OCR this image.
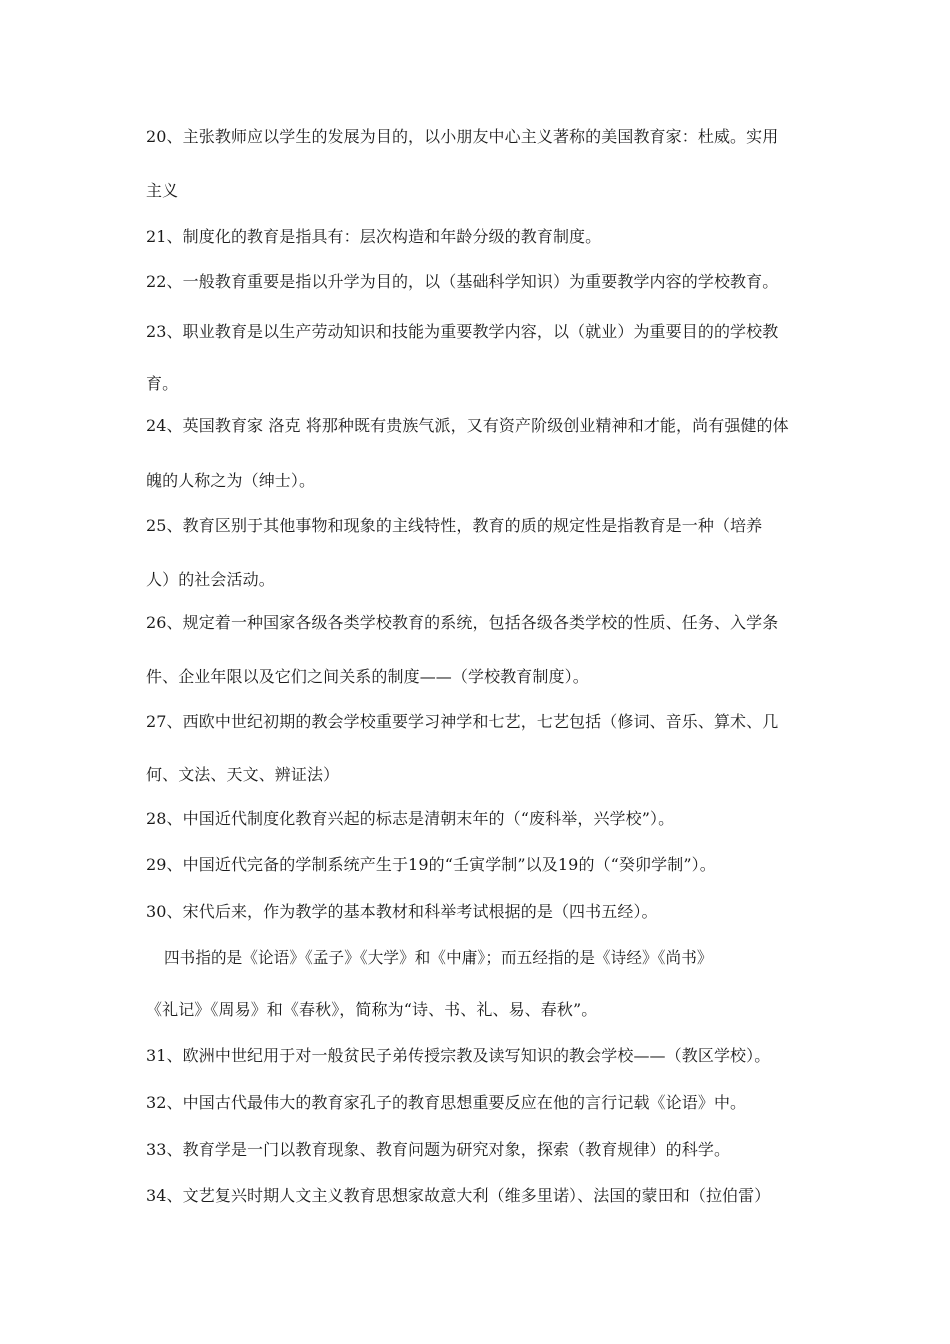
20、主张教师应以学生的发展为目的，以小朋友中心主义著称的美国教育家：杜威。实用
主义
21、制度化的教育是指具有：层次构造和年龄分级的教育制度。
22、一般教育重要是指以升学为目的，以（基础科学知识）为重要教学内容的学校教育。
23、职业教育是以生产劳动知识和技能为重要教学内容，以（就业）为重要目的的学校教
育。
24、英国教育家 洛克 将那种既有贵族气派，又有资产阶级创业精神和才能，尚有强健的体
魄的人称之为（绅士）。
25、教育区别于其他事物和现象的主线特性，教育的质的规定性是指教育是一种（培养
人）的社会活动。
26、规定着一种国家各级各类学校教育的系统，包括各级各类学校的性质、任务、入学条
件、企业年限以及它们之间关系的制度——（学校教育制度）。
27、西欧中世纪初期的教会学校重要学习神学和七艺，七艺包括（修词、音乐、算术、几
何、文法、天文、辨证法）
28、中国近代制度化教育兴起的标志是清朝末年的（“废科举，兴学校”）。
29、中国近代完备的学制系统产生于19的“壬寅学制”以及19的（“癸卯学制”）。
30、宋代后来，作为教学的基本教材和科举考试根据的是（四书五经）。
四书指的是《论语》《孟子》《大学》和《中庸》；而五经指的是《诗经》《尚书》
《礼记》《周易》和《春秋》，简称为“诗、书、礼、易、春秋”。
31、欧洲中世纪用于对一般贫民子弟传授宗教及读写知识的教会学校——（教区学校）。
32、中国古代最伟大的教育家孔子的教育思想重要反应在他的言行记载《论语》中。
33、教育学是一门以教育现象、教育问题为研究对象，探索（教育规律）的科学。
34、文艺复兴时期人文主义教育思想家故意大利（维多里诺）、法国的蒙田和（拉伯雷）
